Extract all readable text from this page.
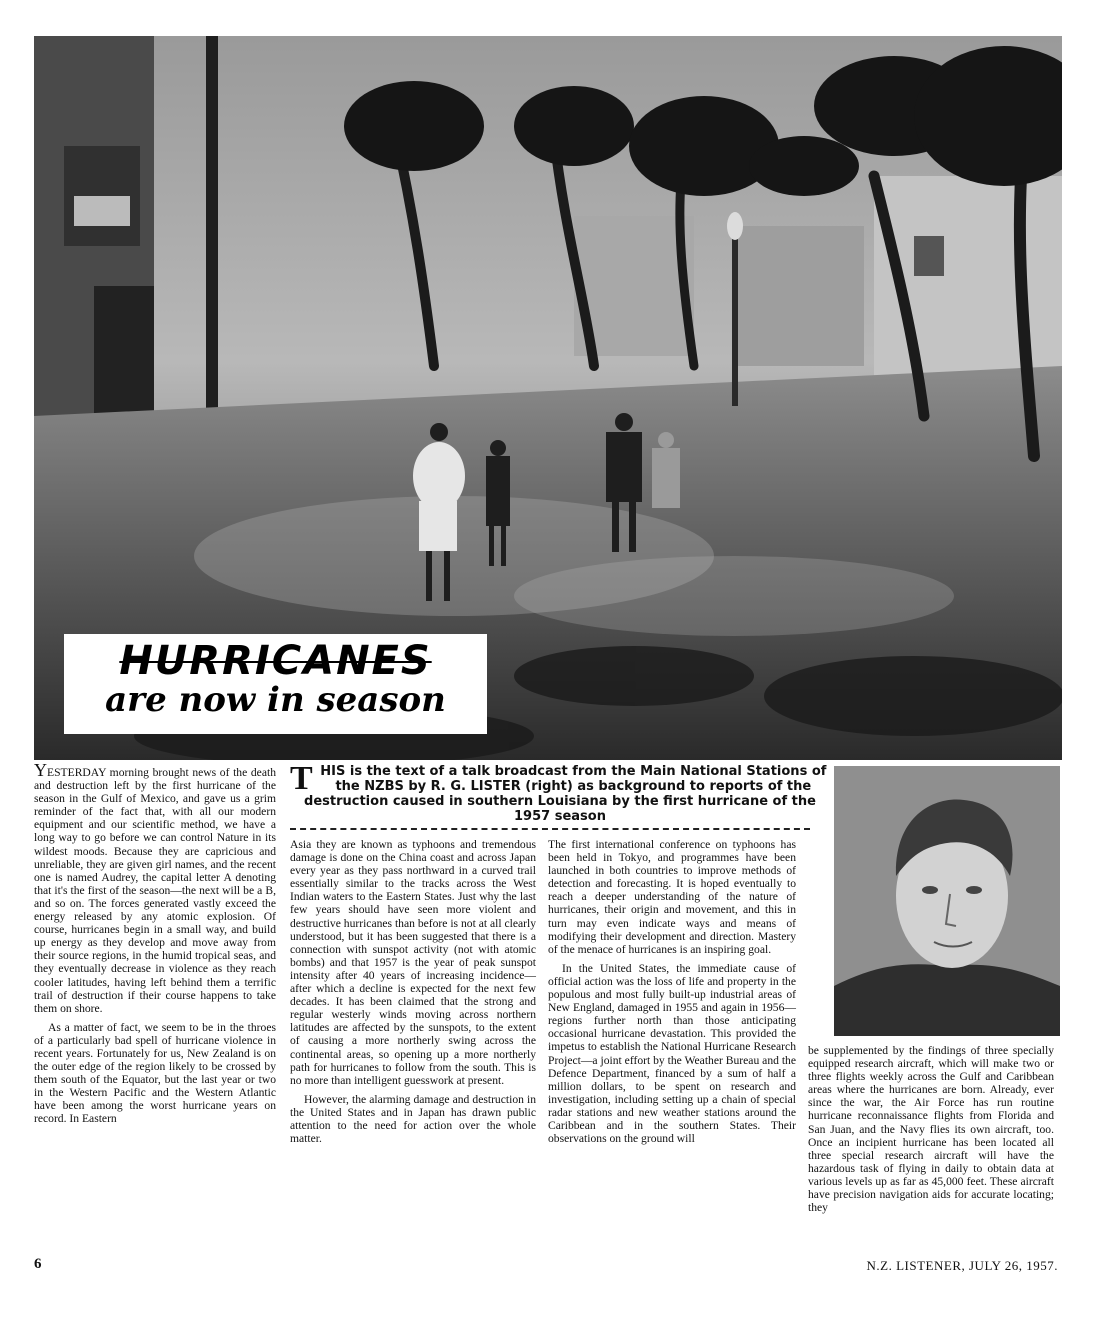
HURRICANES
are now in season
T HIS is the text of a talk broadcast from the Main National Stations of the NZBS by R. G. LISTER (right) as background to reports of the destruction caused in southern Louisiana by the first hurricane of the 1957 season

YESTERDAY morning brought news of the death and destruction left by the first hurricane of the season in the Gulf of Mexico, and gave us a grim reminder of the fact that, with all our modern equipment and our scientific method, we have a long way to go before we can control Nature in its wildest moods. Because they are capricious and unreliable, they are given girl names, and the recent one is named Audrey, the capital letter A denoting that it's the first of the season—the next will be a B, and so on. The forces generated vastly exceed the energy released by any atomic explosion. Of course, hurricanes begin in a small way, and build up energy as they develop and move away from their source regions, in the humid tropical seas, and they eventually decrease in violence as they reach cooler latitudes, having left behind them a terrific trail of destruction if their course happens to take them on shore.

As a matter of fact, we seem to be in the throes of a particularly bad spell of hurricane violence in recent years. Fortunately for us, New Zealand is on the outer edge of the region likely to be crossed by them south of the Equator, but the last year or two in the Western Pacific and the Western Atlantic have been among the worst hurricane years on record. In Eastern

Asia they are known as typhoons and tremendous damage is done on the China coast and across Japan every year as they pass northward in a curved trail essentially similar to the tracks across the West Indian waters to the Eastern States. Just why the last few years should have seen more violent and destructive hurricanes than before is not at all clearly understood, but it has been suggested that there is a connection with sunspot activity (not with atomic bombs) and that 1957 is the year of peak sunspot intensity after 40 years of increasing incidence—after which a decline is expected for the next few decades. It has been claimed that the strong and regular westerly winds moving across northern latitudes are affected by the sunspots, to the extent of causing a more northerly swing across the continental areas, so opening up a more northerly path for hurricanes to follow from the south. This is no more than intelligent guesswork at present.

However, the alarming damage and destruction in the United States and in Japan has drawn public attention to the need for action over the whole matter.

The first international conference on typhoons has been held in Tokyo, and programmes have been launched in both countries to improve methods of detection and forecasting. It is hoped eventually to reach a deeper understanding of the nature of hurricanes, their origin and movement, and this in turn may even indicate ways and means of modifying their development and direction. Mastery of the menace of hurricanes is an inspiring goal.

In the United States, the immediate cause of official action was the loss of life and property in the populous and most fully built-up industrial areas of New England, damaged in 1955 and again in 1956—regions further north than those anticipating occasional hurricane devastation. This provided the impetus to establish the National Hurricane Research Project—a joint effort by the Weather Bureau and the Defence Department, financed by a sum of half a million dollars, to be spent on research and investigation, including setting up a chain of special radar stations and new weather stations around the Caribbean and in the southern States. Their observations on the ground will

be supplemented by the findings of three specially equipped research aircraft, which will make two or three flights weekly across the Gulf and Caribbean areas where the hurricanes are born. Already, ever since the war, the Air Force has run routine hurricane reconnaissance flights from Florida and San Juan, and the Navy flies its own aircraft, too. Once an incipient hurricane has been located all three special research aircraft will have the hazardous task of flying in daily to obtain data at various levels up as far as 45,000 feet. These aircraft have precision navigation aids for accurate locating; they

6	N.Z. LISTENER, JULY 26, 1957.
